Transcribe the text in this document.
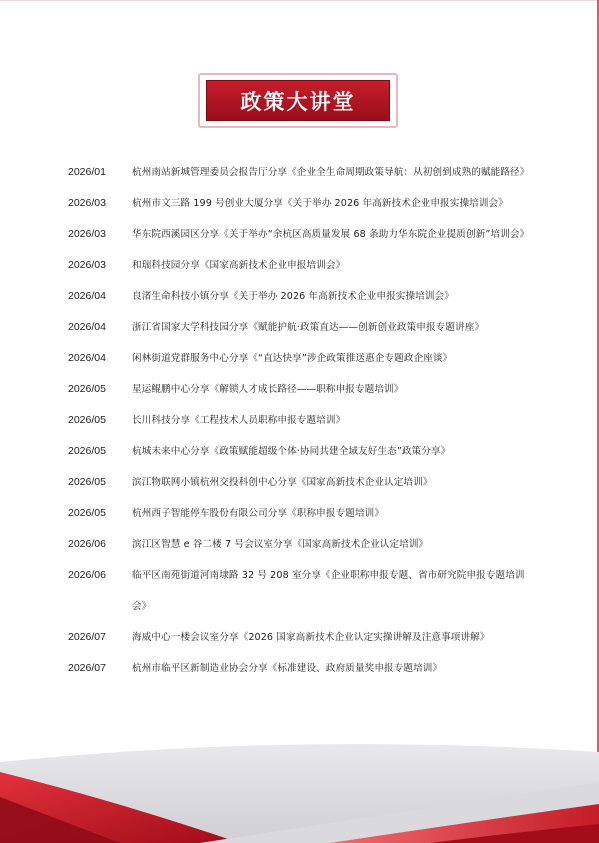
政策大讲堂
2026/01	杭州南站新城管理委员会报告厅分享《企业全生命周期政策导航：从初创到成熟的赋能路径》
2026/03	杭州市文三路 199 号创业大厦分享《关于举办 2026 年高新技术企业申报实操培训会》
2026/03	华东院西溪园区分享《关于举办“余杭区高质量发展 68 条助力华东院企业提质创新”培训会》
2026/03	和瑞科技园分享《国家高新技术企业申报培训会》
2026/04	良渚生命科技小镇分享《关于举办 2026 年高新技术企业申报实操培训会》
2026/04	浙江省国家大学科技园分享《赋能护航·政策直达——创新创业政策申报专题讲座》
2026/04	闲林街道党群服务中心分享《“直达快享”涉企政策推送惠企专题政企座谈》
2026/05	星运鲲鹏中心分享《解锁人才成长路径——职称申报专题培训》
2026/05	长川科技分享《工程技术人员职称申报专题培训》
2026/05	杭城未来中心分享《政策赋能超级个体·协同共建全域友好生态”政策分享》
2026/05	滨江物联网小镇杭州交投科创中心分享《国家高新技术企业认定培训》
2026/05	杭州西子智能停车股份有限公司分享《职称申报专题培训》
2026/06	滨江区智慧 e 谷二楼 7 号会议室分享《国家高新技术企业认定培训》
2026/06	临平区南苑街道河南埭路 32 号 208 室分享《企业职称申报专题、省市研究院申报专题培训会》
2026/07	海威中心一楼会议室分享《2026 国家高新技术企业认定实操讲解及注意事项讲解》
2026/07	杭州市临平区新制造业协会分享《标准建设、政府质量奖申报专题培训》
